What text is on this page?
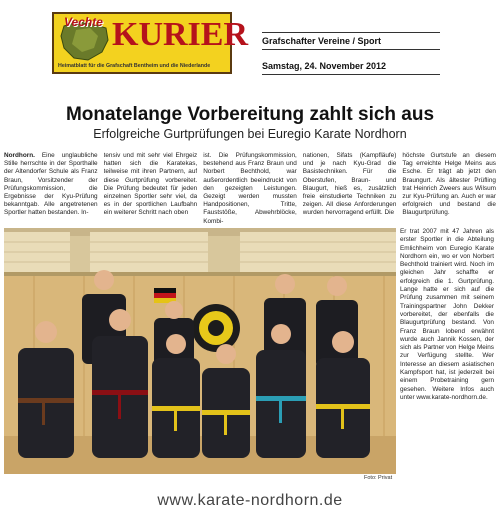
Vechte KURIER
Heimatblatt für die Grafschaft Bentheim und die Niederlande
Grafschafter Vereine / Sport
Samstag, 24. November 2012
Monatelange Vorbereitung zahlt sich aus
Erfolgreiche Gurtprüfungen bei Euregio Karate Nordhorn
Nordhorn. Eine unglaubliche Stille herrschte in der Sporthalle der Altendorfer Schule als Franz Braun, Vorsitzender der Prüfungskommission, die Ergebnisse der Kyu-Prüfung bekanntgab. Alle angetretenen Sportler hatten bestanden. In-
tensiv und mit sehr viel Ehrgeiz hatten sich die Karatekas, teilweise mit ihren Partnern, auf diese Gurtprüfung vorbereitet. Die Prüfung bedeutet für jeden einzelnen Sportler sehr viel, da es in der sportlichen Laufbahn ein weiterer Schritt nach oben
ist. Die Prüfungskommission, bestehend aus Franz Braun und Norbert Bechthold, war außerordentlich beeindruckt von den gezeigten Leistungen. Gezeigt werden mussten Handpositionen, Tritte, Fauststöße, Abwehrblöcke, Kombi-
nationen, Sifats (Kampfläufe) und je nach Kyu-Grad die Basistechniken. Für die Oberstufen, Braun- und Blaugurt, hieß es, zusätzlich freie einstudierte Techniken zu zeigen. All diese Anforderungen wurden hervorragend erfüllt. Die
höchste Gurtstufe an diesem Tag erreichte Helge Meins aus Esche. Er trägt ab jetzt den Braungurt. Als ältester Prüfling trat Heinrich Zweers aus Wilsum zur Kyu-Prüfung an. Auch er war erfolgreich und bestand die Blaugurtprüfung.
Foto: Privat
Er trat 2007 mit 47 Jahren als erster Sportler in die Abteilung Emlichheim von Euregio Karate Nordhorn ein, wo er von Norbert Bechthold trainiert wird. Noch im gleichen Jahr schaffte er erfolgreich die 1. Gurtprüfung. Lange hatte er sich auf die Prüfung zusammen mit seinem Trainingspartner John Dekker vorbereitet, der ebenfalls die Blaugurtprüfung bestand. Von Franz Braun lobend erwähnt wurde auch Jannik Kossen, der sich als Partner von Helge Meins zur Verfügung stellte. Wer Interesse an diesem asiatischen Kampfsport hat, ist jederzeit bei einem Probetraining gern gesehen. Weitere Infos auch unter www.karate-nordhorn.de.
www.karate-nordhorn.de
